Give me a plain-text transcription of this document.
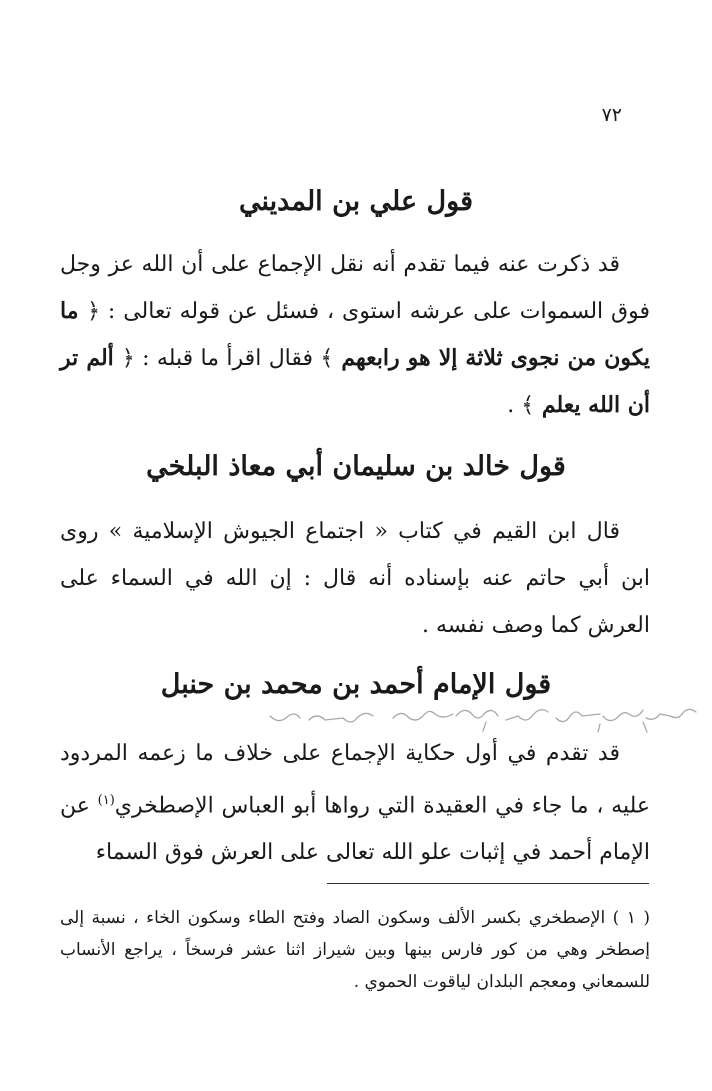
٧٢
قول علي بن المديني
قد ذكرت عنه فيما تقدم أنه نقل الإجماع على أن الله عز وجل فوق السموات على عرشه استوى ، فسئل عن قوله تعالى : ﴿ ما يكون من نجوى ثلاثة إلا هو رابعهم ﴾ فقال اقرأ ما قبله : ﴿ ألم تر أن الله يعلم ﴾ .
قول خالد بن سليمان أبي معاذ البلخي
قال ابن القيم في كتاب « اجتماع الجيوش الإسلامية » روى ابن أبي حاتم عنه بإسناده أنه قال : إن الله في السماء على العرش كما وصف نفسه .
قول الإمام أحمد بن محمد بن حنبل
قد تقدم في أول حكاية الإجماع على خلاف ما زعمه المردود عليه ، ما جاء في العقيدة التي رواها أبو العباس الإصطخري$^{(١)}$ عن الإمام أحمد في إثبات علو الله تعالى على العرش فوق السماء
( ١ ) الإصطخري بكسر الألف وسكون الصاد وفتح الطاء وسكون الخاء ، نسبة إلى إصطخر وهي من كور فارس بينها وبين شيراز اثنا عشر فرسخاً ، يراجع الأنساب للسمعاني ومعجم البلدان لياقوت الحموي .
